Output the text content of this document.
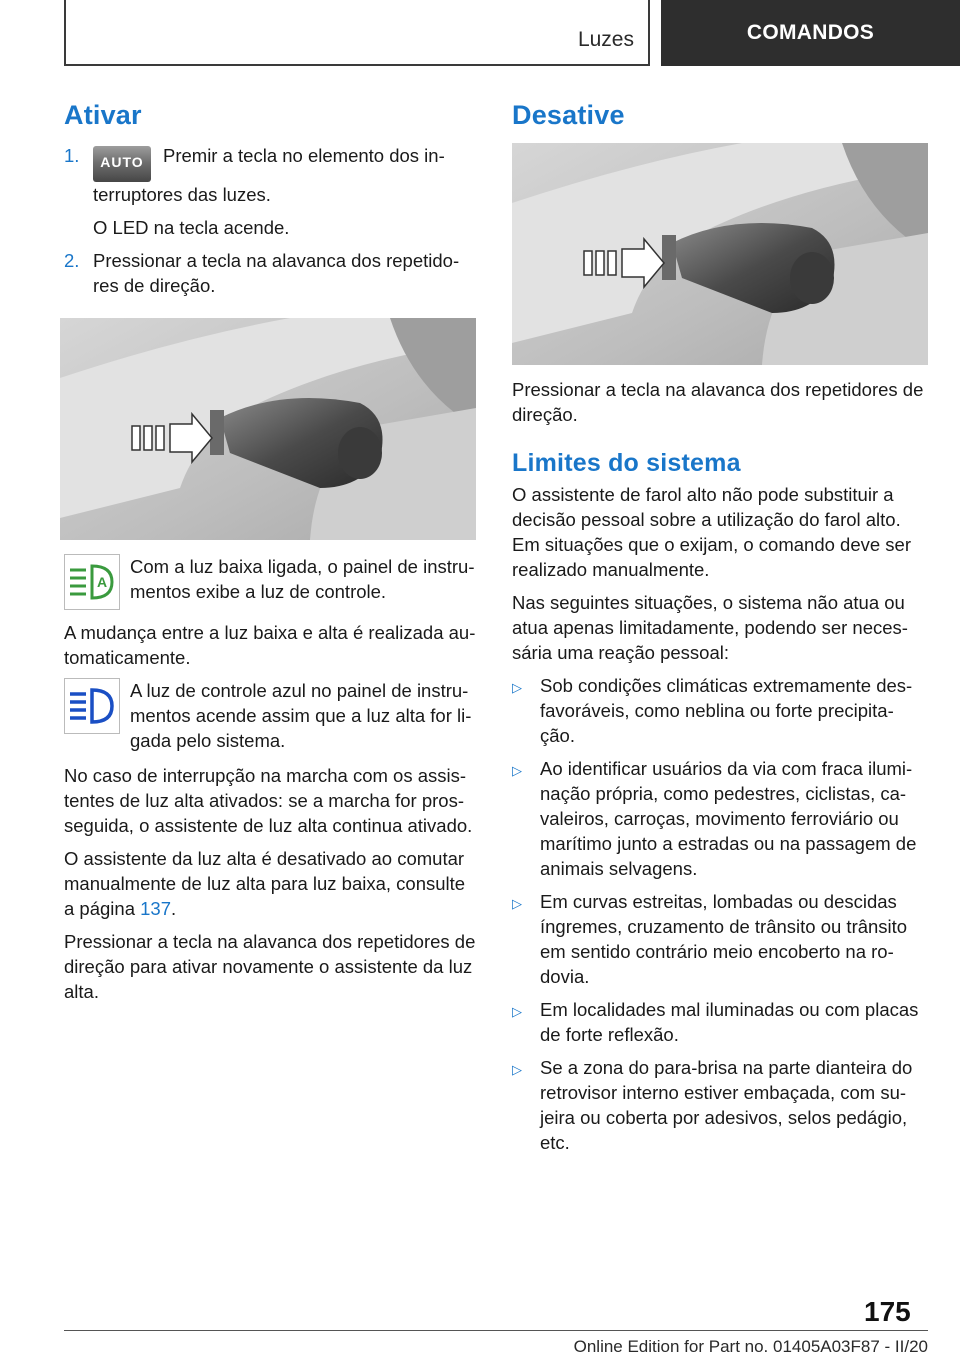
Luzes	COMANDOS
Ativar
1.	AUTO Premir a tecla no elemento dos in-terruptores das luzes.

O LED na tecla acende.

2. Pressionar a tecla na alavanca dos repetido-res de direção.

A

Com a luz baixa ligada, o painel de instru-mentos exibe a luz de controle.

A mudança entre a luz baixa e alta é realizada au-tomaticamente.

A luz de controle azul no painel de instru-mentos acende assim que a luz alta for li-gada pelo sistema.

No caso de interrupção na marcha com os assis-tentes de luz alta ativados: se a marcha for pros-seguida, o assistente de luz alta continua ativado.

O assistente da luz alta é desativado ao comutar manualmente de luz alta para luz baixa, consulte a página 137.

Pressionar a tecla na alavanca dos repetidores de direção para ativar novamente o assistente da luz alta.

Desative

Pressionar a tecla na alavanca dos repetidores de direção.

Limites do sistema

O assistente de farol alto não pode substituir a decisão pessoal sobre a utilização do farol alto. Em situações que o exijam, o comando deve ser realizado manualmente.

Nas seguintes situações, o sistema não atua ou atua apenas limitadamente, podendo ser neces-sária uma reação pessoal:

▷ Sob condições climáticas extremamente des-favoráveis, como neblina ou forte precipita-ção.
▷ Ao identificar usuários da via com fraca ilumi-nação própria, como pedestres, ciclistas, ca-valeiros, carroças, movimento ferroviário ou marítimo junto a estradas ou na passagem de animais selvagens.
▷ Em curvas estreitas, lombadas ou descidas íngremes, cruzamento de trânsito ou trânsito em sentido contrário meio encoberto na ro-dovia.
▷ Em localidades mal iluminadas ou com placas de forte reflexão.
▷ Se a zona do para-brisa na parte dianteira do retrovisor interno estiver embaçada, com su-jeira ou coberta por adesivos, selos pedágio, etc.
175
Online Edition for Part no. 01405A03F87 - II/20
